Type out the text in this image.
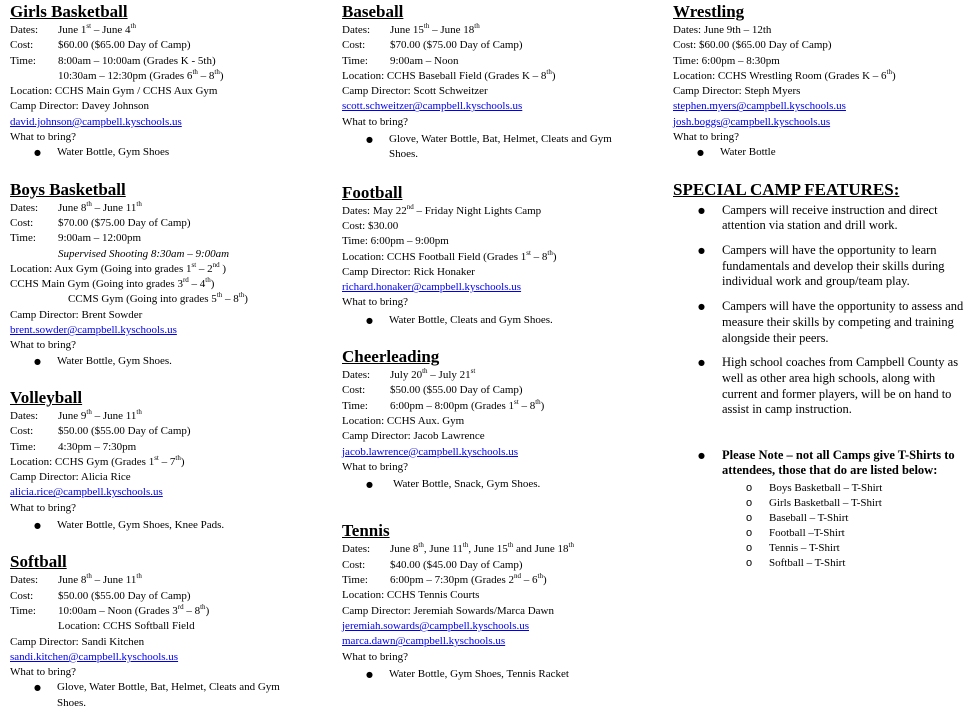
Girls Basketball
Dates: June 1st – June 4th
Cost: $60.00 ($65.00 Day of Camp)
Time: 8:00am – 10:00am (Grades K - 5th)
10:30am – 12:30pm (Grades 6th – 8th)
Location: CCHS Main Gym / CCHS Aux Gym
Camp Director: Davey Johnson
david.johnson@campbell.kyschools.us
What to bring?
● Water Bottle, Gym Shoes
Boys Basketball
Dates: June 8th – June 11th
Cost: $70.00 ($75.00 Day of Camp)
Time: 9:00am – 12:00pm
Supervised Shooting 8:30am – 9:00am
Location: Aux Gym (Going into grades 1st – 2nd )
CCHS Main Gym (Going into grades 3rd – 4th)
CCMS Gym (Going into grades 5th – 8th)
Camp Director: Brent Sowder
brent.sowder@campbell.kyschools.us
What to bring?
● Water Bottle, Gym Shoes.
Volleyball
Dates: June 9th – June 11th
Cost: $50.00 ($55.00 Day of Camp)
Time: 4:30pm – 7:30pm
Location: CCHS Gym (Grades 1st – 7th)
Camp Director: Alicia Rice
alicia.rice@campbell.kyschools.us
What to bring?
● Water Bottle, Gym Shoes, Knee Pads.
Softball
Dates: June 8th – June 11th
Cost: $50.00 ($55.00 Day of Camp)
Time: 10:00am – Noon (Grades 3rd – 8th)
Location: CCHS Softball Field
Camp Director: Sandi Kitchen
sandi.kitchen@campbell.kyschools.us
What to bring?
● Glove, Water Bottle, Bat, Helmet, Cleats and Gym Shoes.
Baseball
Dates: June 15th – June 18th
Cost: $70.00 ($75.00 Day of Camp)
Time: 9:00am – Noon
Location: CCHS Baseball Field (Grades K – 8th)
Camp Director: Scott Schweitzer
scott.schweitzer@campbell.kyschools.us
What to bring?
● Glove, Water Bottle, Bat, Helmet, Cleats and Gym Shoes.
Football
Dates: May 22nd – Friday Night Lights Camp
Cost: $30.00
Time: 6:00pm – 9:00pm
Location: CCHS Football Field (Grades 1st – 8th)
Camp Director: Rick Honaker
richard.honaker@campbell.kyschools.us
What to bring?
● Water Bottle, Cleats and Gym Shoes.
Cheerleading
Dates: July 20th – July 21st
Cost: $50.00 ($55.00 Day of Camp)
Time: 6:00pm – 8:00pm (Grades 1st – 8th)
Location: CCHS Aux. Gym
Camp Director: Jacob Lawrence
jacob.lawrence@campbell.kyschools.us
What to bring?
● Water Bottle, Snack, Gym Shoes.
Tennis
Dates: June 8th, June 11th, June 15th and June 18th
Cost: $40.00 ($45.00 Day of Camp)
Time: 6:00pm – 7:30pm (Grades 2nd – 6th)
Location: CCHS Tennis Courts
Camp Director: Jeremiah Sowards/Marca Dawn
jeremiah.sowards@campbell.kyschools.us
marca.dawn@campbell.kyschools.us
What to bring?
● Water Bottle, Gym Shoes, Tennis Racket
Wrestling
Dates: June 9th – 12th
Cost: $60.00 ($65.00 Day of Camp)
Time: 6:00pm – 8:30pm
Location: CCHS Wrestling Room (Grades K – 6th)
Camp Director: Steph Myers
stephen.myers@campbell.kyschools.us
josh.boggs@campbell.kyschools.us
What to bring?
● Water Bottle
SPECIAL CAMP FEATURES:
● Campers will receive instruction and direct attention via station and drill work.
● Campers will have the opportunity to learn fundamentals and develop their skills during individual work and group/team play.
● Campers will have the opportunity to assess and measure their skills by competing and training alongside their peers.
● High school coaches from Campbell County as well as other area high schools, along with current and former players, will be on hand to assist in camp instruction.
● Please Note – not all Camps give T-Shirts to attendees, those that do are listed below:
o Boys Basketball – T-Shirt
o Girls Basketball – T-Shirt
o Baseball – T-Shirt
o Football –T-Shirt
o Tennis – T-Shirt
o Softball – T-Shirt
